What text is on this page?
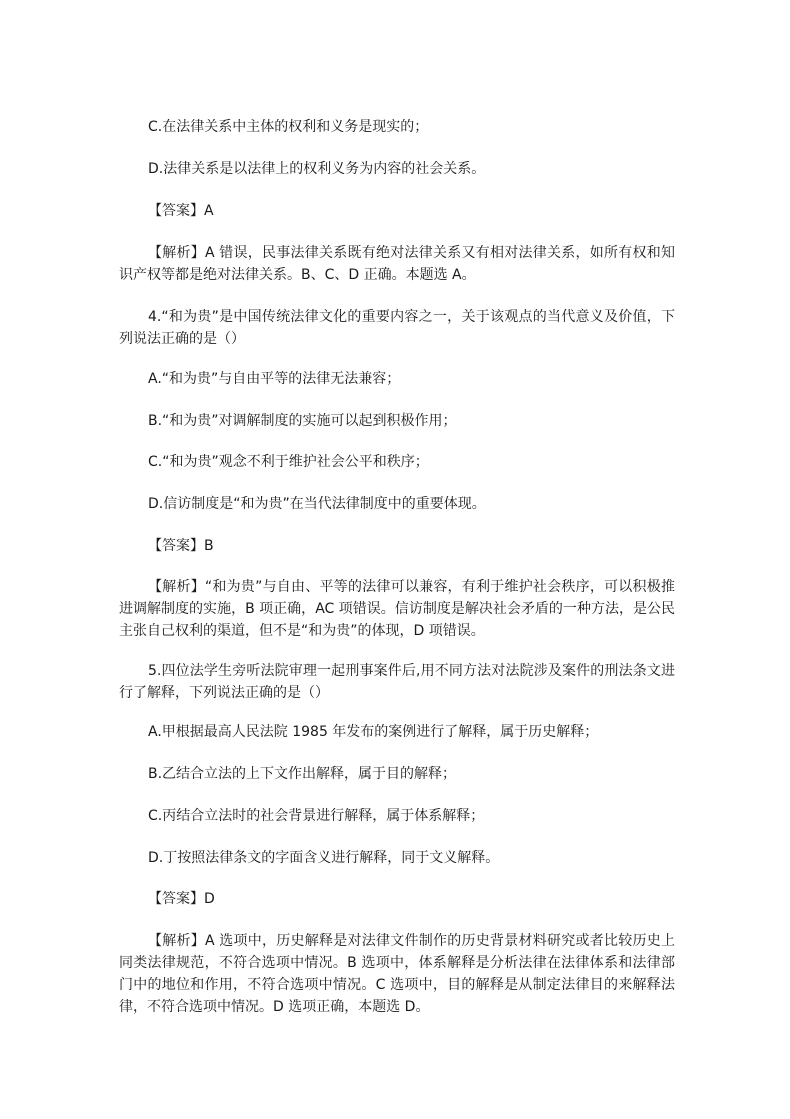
C.在法律关系中主体的权利和义务是现实的；
D.法律关系是以法律上的权利义务为内容的社会关系。
【答案】A
【解析】A 错误，民事法律关系既有绝对法律关系又有相对法律关系，如所有权和知识产权等都是绝对法律关系。B、C、D 正确。本题选 A。
4.“和为贵”是中国传统法律文化的重要内容之一，关于该观点的当代意义及价值，下列说法正确的是（）
A.“和为贵”与自由平等的法律无法兼容；
B.“和为贵”对调解制度的实施可以起到积极作用；
C.“和为贵”观念不利于维护社会公平和秩序；
D.信访制度是“和为贵”在当代法律制度中的重要体现。
【答案】B
【解析】“和为贵”与自由、平等的法律可以兼容，有利于维护社会秩序，可以积极推进调解制度的实施，B 项正确，AC 项错误。信访制度是解决社会矛盾的一种方法，是公民主张自己权利的渠道，但不是“和为贵”的体现，D 项错误。
5.四位法学生旁听法院审理一起刑事案件后,用不同方法对法院涉及案件的刑法条文进行了解释，下列说法正确的是（）
A.甲根据最高人民法院 1985 年发布的案例进行了解释，属于历史解释；
B.乙结合立法的上下文作出解释，属于目的解释；
C.丙结合立法时的社会背景进行解释，属于体系解释；
D.丁按照法律条文的字面含义进行解释，同于文义解释。
【答案】D
【解析】A 选项中，历史解释是对法律文件制作的历史背景材料研究或者比较历史上同类法律规范，不符合选项中情况。B 选项中，体系解释是分析法律在法律体系和法律部门中的地位和作用，不符合选项中情况。C 选项中，目的解释是从制定法律目的来解释法律，不符合选项中情况。D 选项正确，本题选 D。
